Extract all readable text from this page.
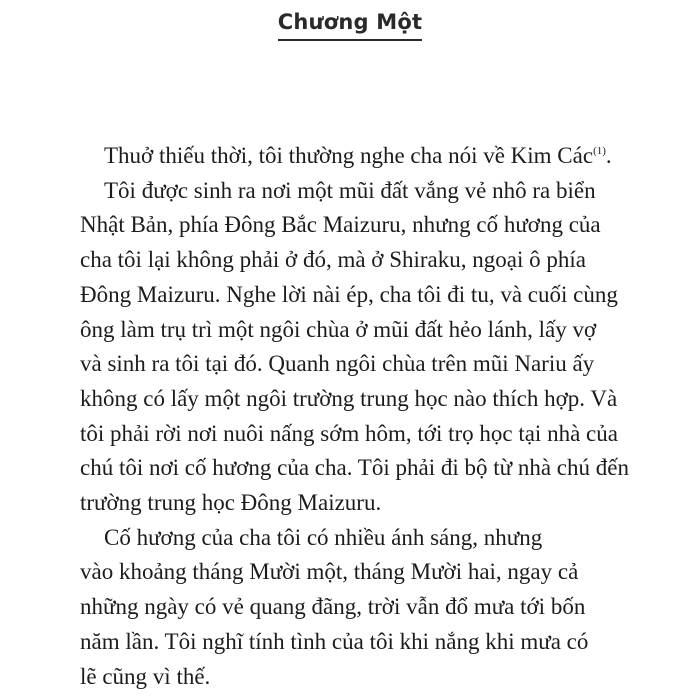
Chương Một
Thuở thiếu thời, tôi thường nghe cha nói về Kim Các$^{(1)}$.
Tôi được sinh ra nơi một mũi đất vắng vẻ nhô ra biển
Nhật Bản, phía Đông Bắc Maizuru, nhưng cố hương của
cha tôi lại không phải ở đó, mà ở Shiraku, ngoại ô phía
Đông Maizuru. Nghe lời nài ép, cha tôi đi tu, và cuối cùng
ông làm trụ trì một ngôi chùa ở mũi đất hẻo lánh, lấy vợ
và sinh ra tôi tại đó. Quanh ngôi chùa trên mũi Nariu ấy
không có lấy một ngôi trường trung học nào thích hợp. Và
tôi phải rời nơi nuôi nấng sớm hôm, tới trọ học tại nhà của
chú tôi nơi cố hương của cha. Tôi phải đi bộ từ nhà chú đến
trường trung học Đông Maizuru.
Cố hương của cha tôi có nhiều ánh sáng, nhưng
vào khoảng tháng Mười một, tháng Mười hai, ngay cả
những ngày có vẻ quang đãng, trời vẫn đổ mưa tới bốn
năm lần. Tôi nghĩ tính tình của tôi khi nắng khi mưa có
lẽ cũng vì thế.
